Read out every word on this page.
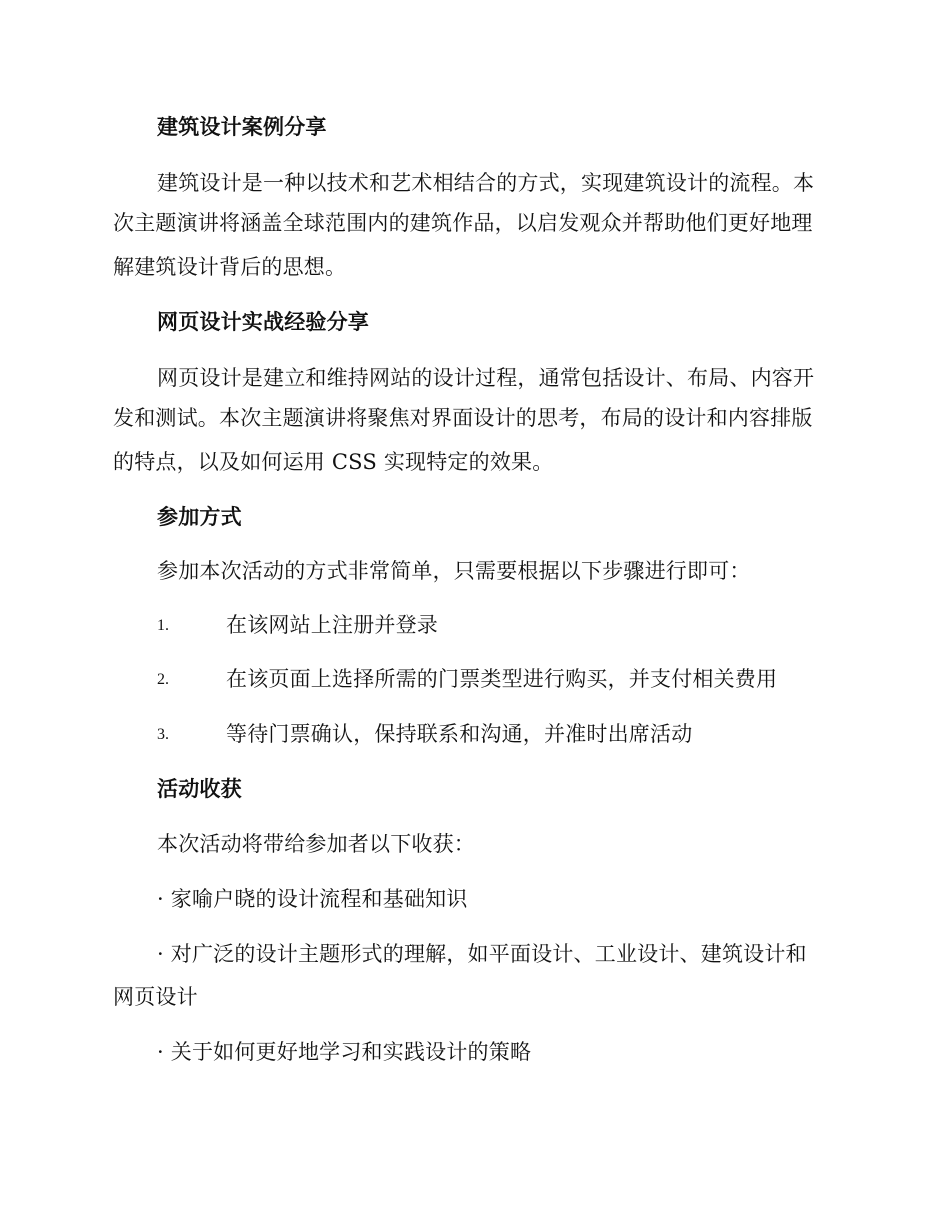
建筑设计案例分享
建筑设计是一种以技术和艺术相结合的方式，实现建筑设计的流程。本
次主题演讲将涵盖全球范围内的建筑作品，以启发观众并帮助他们更好地理
解建筑设计背后的思想。
网页设计实战经验分享
网页设计是建立和维持网站的设计过程，通常包括设计、布局、内容开
发和测试。本次主题演讲将聚焦对界面设计的思考，布局的设计和内容排版
的特点，以及如何运用 CSS 实现特定的效果。
参加方式
参加本次活动的方式非常简单，只需要根据以下步骤进行即可：
1.	在该网站上注册并登录
2.	在该页面上选择所需的门票类型进行购买，并支付相关费用
3.	等待门票确认，保持联系和沟通，并准时出席活动
活动收获
本次活动将带给参加者以下收获：
· 家喻户晓的设计流程和基础知识
· 对广泛的设计主题形式的理解，如平面设计、工业设计、建筑设计和
网页设计
· 关于如何更好地学习和实践设计的策略
